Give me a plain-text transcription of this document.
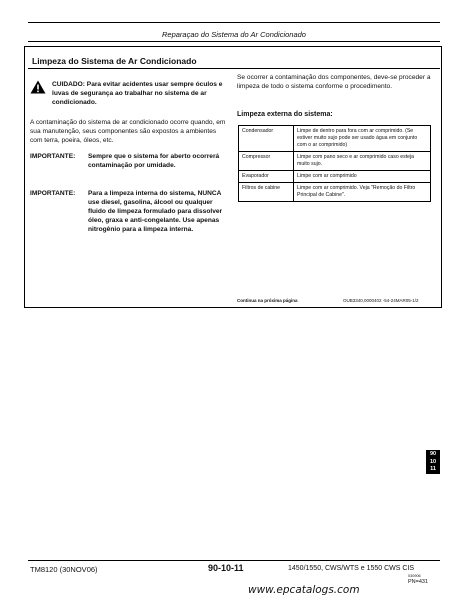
Reparaçao do Sistema do Ar Condicionado
Limpeza do Sistema de Ar Condicionado
CUIDADO: Para evitar acidentes usar sempre óculos e luvas de segurança ao trabalhar no sistema de ar condicionado.
A contaminação do sistema de ar condicionado ocorre quando, em sua manutenção, seus componentes são expostos a ambientes com terra, poeira, óleos, etc.
IMPORTANTE: Sempre que o sistema for aberto ocorrerá contaminação por umidade.
IMPORTANTE: Para a limpeza interna do sistema, NUNCA use diesel, gasolina, álcool ou qualquer fluido de limpeza formulado para dissolver óleo, graxa e anti-congelante. Use apenas nitrogênio para a limpeza interna.
Se ocorrer a contaminação dos componentes, deve-se proceder a limpeza de todo o sistema conforme o procedimento.
Limpeza externa do sistema:
Condensador	Limpe de dentro para fora com ar comprimido. (Se estiver muito sujo pode ser usado água em conjunto com o ar comprimido)
Compressor	Limpe com pano seco e ar comprimido caso esteja muito sujo.
Evaporador	Limpe com ar comprimido
Filtros de cabine	Limpe com ar comprimido. Veja "Remoção do Filtro Principal de Cabine".
Continua na próxima página	OUB3340,0000402 -54-24MAR05-1/2
90
10
11
TM8120 (30NOV06)	90-10-11	1450/1550, CWS/WTS e 1550 CWS CIS
030906
PN=431
www.epcatalogs.com
